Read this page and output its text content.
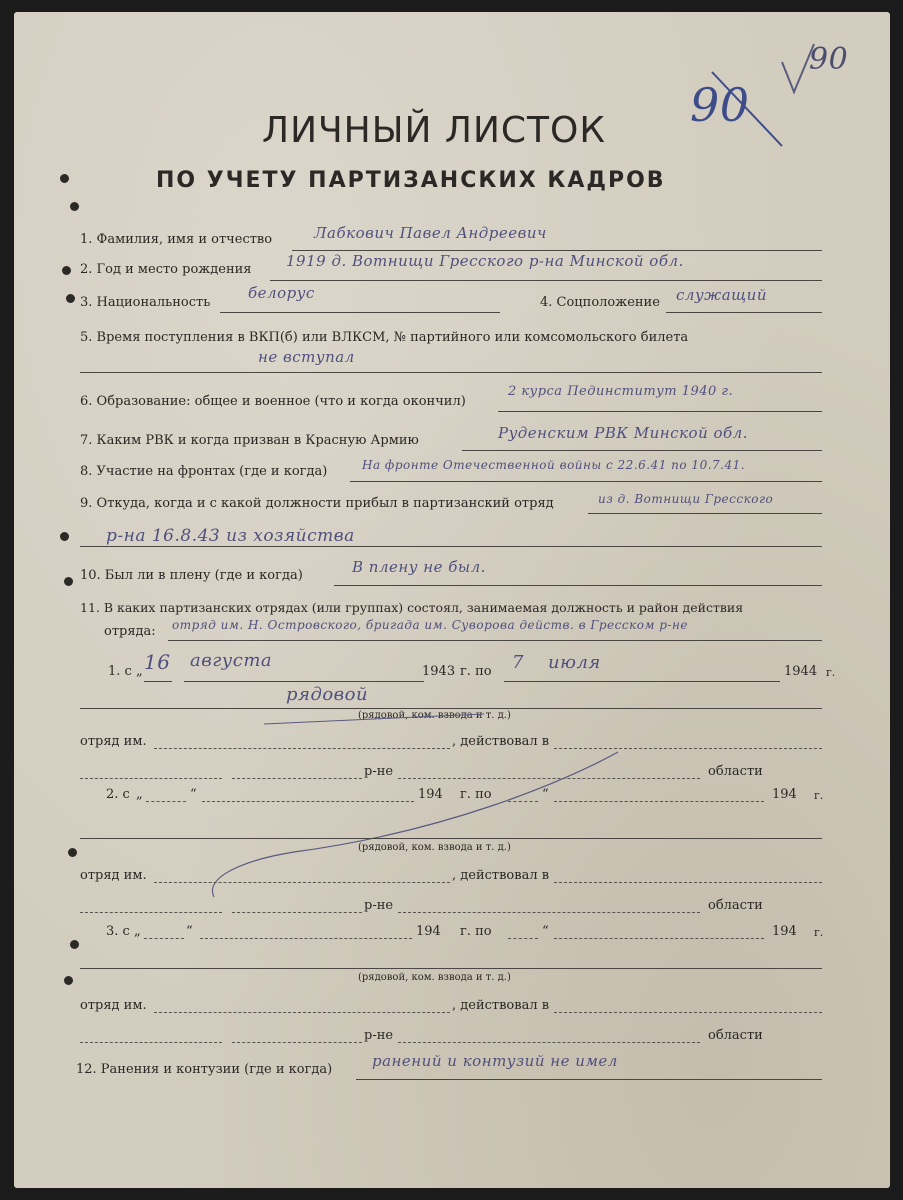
90
90
ЛИЧНЫЙ ЛИСТОК
ПО УЧЕТУ ПАРТИЗАНСКИХ КАДРОВ
1. Фамилия, имя и отчество	Лабкович Павел Андреевич
2. Год и место рождения 1919 д. Вотнищи Гресского р-на Минской обл.
3. Национальность
белорус
4. Соцположение служащий
5. Время поступления в ВКП(б) или ВЛКСМ, № партийного или комсомольского билета
не вступал
6. Образование: общее и военное (что и когда окончил)
2 курса Пединститут 1940 г.
7. Каким РВК и когда призван в Красную Армию	Руденским РВК Минской обл.
8. Участие на фронтах (где и когда)	На фронте Отечественной войны с 22.6.41 по 10.7.41.
9. Откуда, когда и с какой должности прибыл в партизанский отряд	из д. Вотнищи Гресского
р-на 16.8.43 из хозяйства
10. Был ли в плену (где и когда)	В плену не был.
11. В каких партизанских отрядах (или группах) состоял, занимаемая должность и район действия
отряда: отряд им. Н. Островского, бригада им. Суворова действ. в Гресском р-не
1. с „ 16 августа
1943 г. по 7 июля	1944 г.
рядовой
(рядовой, ком. взвода и т. д.)
отряд им.	, действовал в
р-не	области
2. с „	“	194 г. по	“	194 г.
(рядовой, ком. взвода и т. д.)
отряд им.	, действовал в
р-не	области
3. с „	“	194 г. по	“	194 г.
(рядовой, ком. взвода и т. д.)
отряд им.	, действовал в
р-не	области
12. Ранения и контузии (где и когда)	ранений и контузий не имел
